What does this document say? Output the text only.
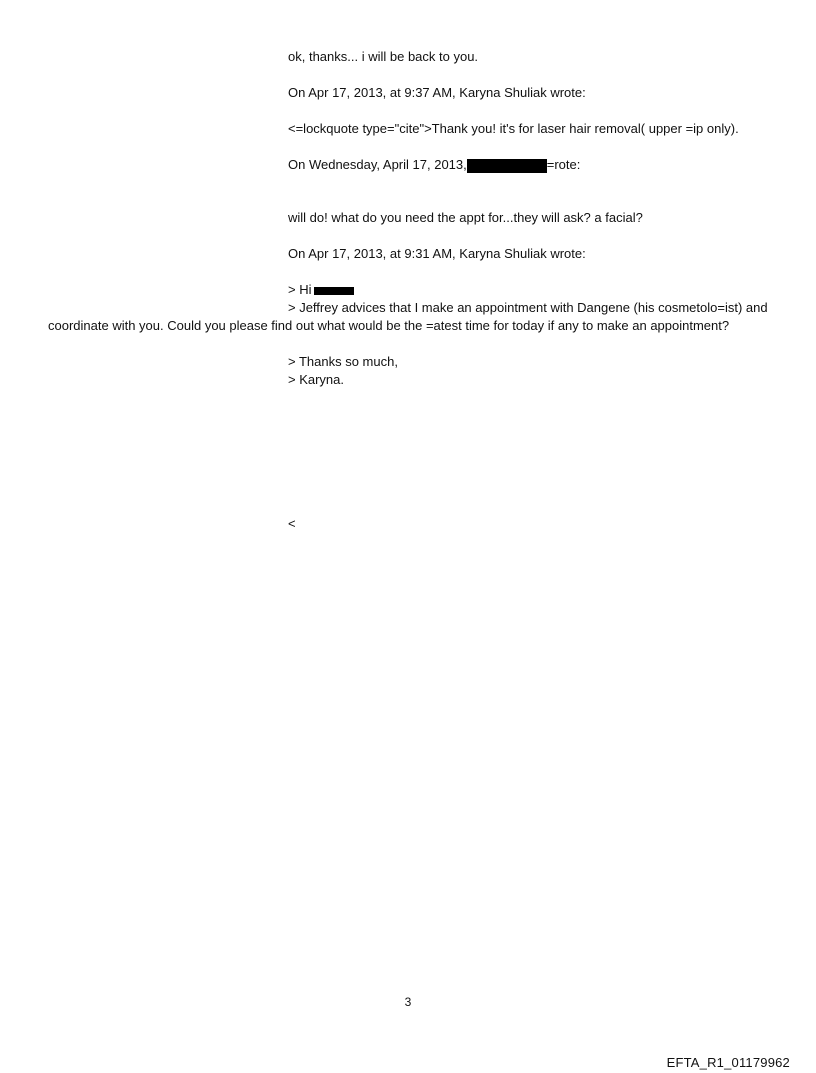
ok, thanks... i will be back to you.
On Apr 17, 2013, at 9:37 AM, Karyna Shuliak wrote:
<=lockquote type="cite">Thank you! it's for laser hair removal( upper =ip only).
On Wednesday, April 17, 2013,	=rote:
will do! what do you need the appt for...they will ask? a facial?
On Apr 17, 2013, at 9:31 AM, Karyna Shuliak wrote:
> Hi
> Jeffrey advices that I make an appointment with Dangene (his cosmetolo=ist) and coordinate with you. Could you please find out what would be the =atest time for today if any to make an appointment?
> Thanks so much,
> Karyna.
<
3
EFTA_R1_01179962
